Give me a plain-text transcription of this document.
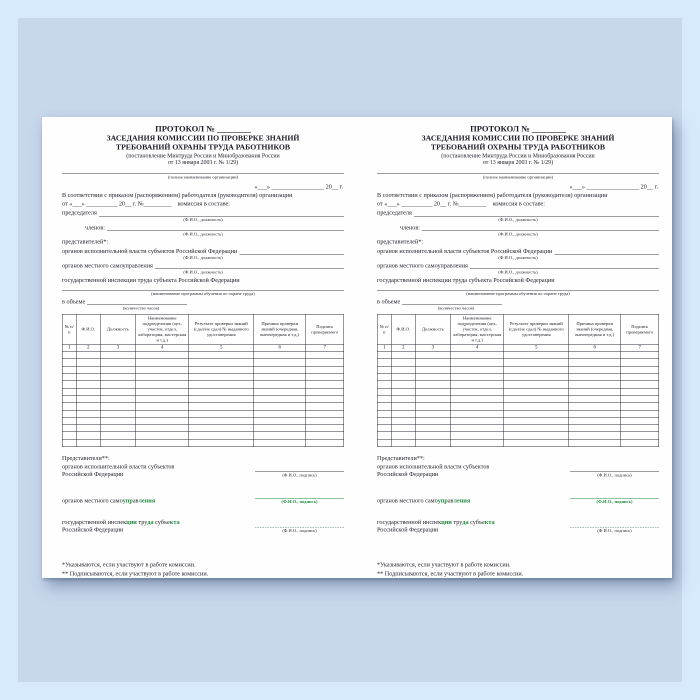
ПРОТОКОЛ № ________
ЗАСЕДАНИЯ КОМИССИИ ПО ПРОВЕРКЕ ЗНАНИЙ
ТРЕБОВАНИЙ ОХРАНЫ ТРУДА РАБОТНИКОВ
(постановление Минтруда России и Минобразования России
от 13 января 2003 г. № 1/29)
(полное наименование организации)
«___» _________________ 20__ г.

В соответствии с приказом (распоряжением) работодателя (руководителя) организации

от «___» __________ 20__ г. №_________ комиссия в составе:

председателя
(Ф.И.О., должность)
членов:
(Ф.И.О., должность)

представителей*:

органов исполнительной власти субъектов Российской Федерации
(Ф.И.О., должность)
органов местного самоуправления
(Ф.И.О., должность)

государственной инспекции труда субъекта Российской Федерации

(наименование программы обучения по охране труда)
в объеме
(количество часов)
№ п/п	Ф.И.О.	Должность	Наименование подразделения (цех, участок, отдел, лаборатория, мастерская и т.д.)	Результат проверки знаний (сдал/не сдал) № выданного удостоверения	Причина проверки знаний (очередная, внеочередная и т.д.)	Подпись проверяемого
1	2	3	4	5	6	7

Представители**:

органов исполнительной власти субъектов
Российской Федерации	(Ф.И.О., подпись)
органов местного самоуправления	(Ф.И.О., подпись)
государственной инспекции труда субъекта
Российской Федерации	(Ф.И.О., подпись)

*Указываются, если участвуют в работе комиссии.

** Подписываются, если участвуют в работе комиссии.

ПРОТОКОЛ № ________
ЗАСЕДАНИЯ КОМИССИИ ПО ПРОВЕРКЕ ЗНАНИЙ
ТРЕБОВАНИЙ ОХРАНЫ ТРУДА РАБОТНИКОВ
(постановление Минтруда России и Минобразования России
от 13 января 2003 г. № 1/29)
(полное наименование организации)
«___» _________________ 20__ г.

В соответствии с приказом (распоряжением) работодателя (руководителя) организации

от «___» __________ 20__ г. №_________ комиссия в составе:

председателя
(Ф.И.О., должность)
членов:
(Ф.И.О., должность)

представителей*:

органов исполнительной власти субъектов Российской Федерации
(Ф.И.О., должность)
органов местного самоуправления
(Ф.И.О., должность)

государственной инспекции труда субъекта Российской Федерации

(наименование программы обучения по охране труда)
в объеме
(количество часов)
№ п/п	Ф.И.О.	Должность	Наименование подразделения (цех, участок, отдел, лаборатория, мастерская и т.д.)	Результат проверки знаний (сдал/не сдал) № выданного удостоверения	Причина проверки знаний (очередная, внеочередная и т.д.)	Подпись проверяемого
1	2	3	4	5	6	7

Представители**:

органов исполнительной власти субъектов
Российской Федерации	(Ф.И.О., подпись)
органов местного самоуправления	(Ф.И.О., подпись)
государственной инспекции труда субъекта
Российской Федерации	(Ф.И.О., подпись)

*Указываются, если участвуют в работе комиссии.

** Подписываются, если участвуют в работе комиссии.
